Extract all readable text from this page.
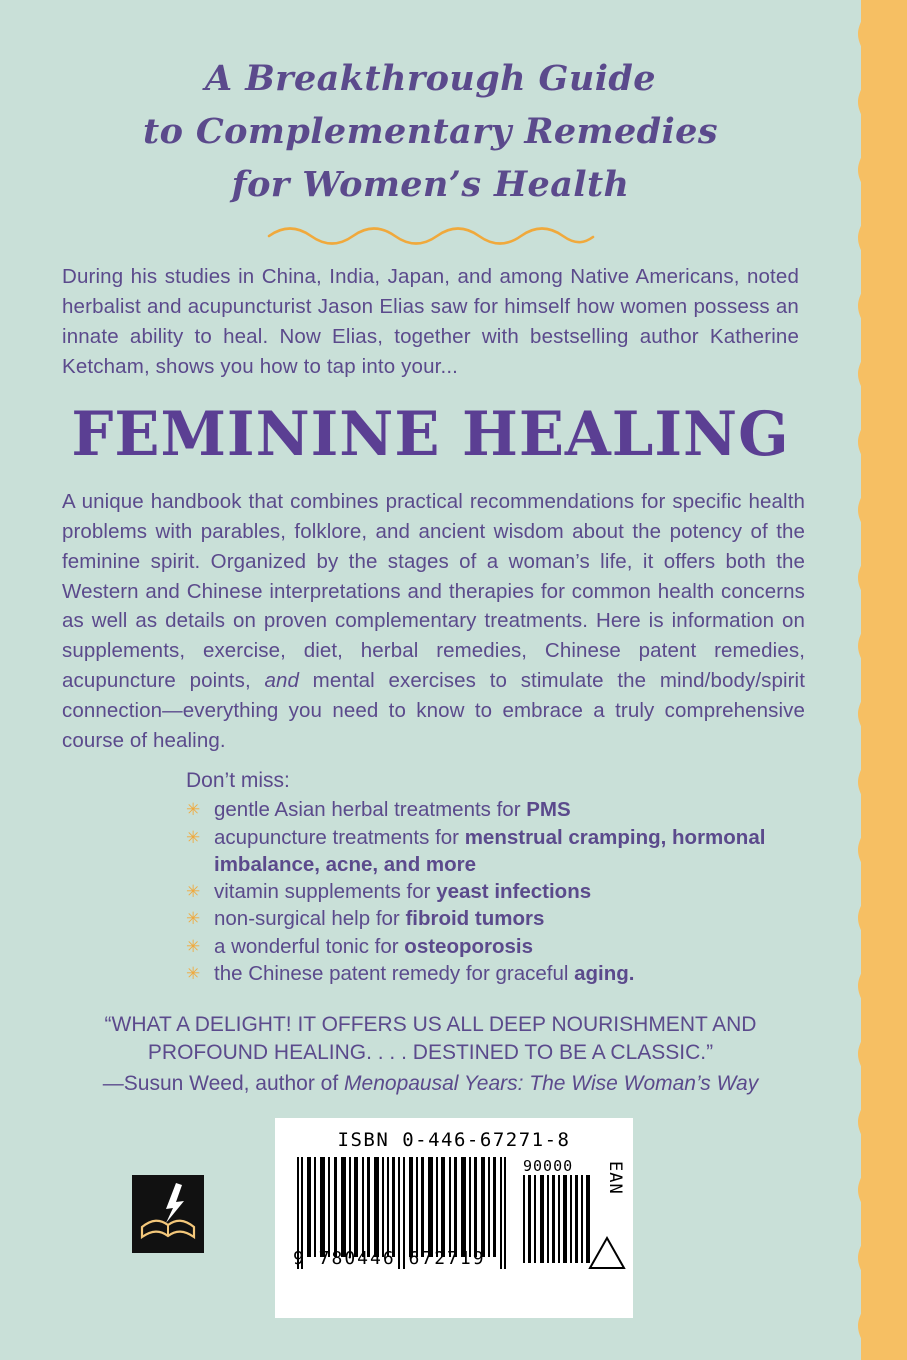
A Breakthrough Guide
to Complementary Remedies
for Women’s Health

During his studies in China, India, Japan, and among Native Americans, noted herbalist and acupuncturist Jason Elias saw for himself how women possess an innate ability to heal. Now Elias, together with bestselling author Katherine Ketcham, shows you how to tap into your...

FEMININE HEALING

A unique handbook that combines practical recommendations for specific health problems with parables, folklore, and ancient wisdom about the potency of the feminine spirit. Organized by the stages of a woman’s life, it offers both the Western and Chinese interpretations and therapies for common health concerns as well as details on proven complementary treatments. Here is information on supplements, exercise, diet, herbal remedies, Chinese patent remedies, acupuncture points, and mental exercises to stimulate the mind/body/spirit connection—everything you need to know to embrace a truly comprehensive course of healing.

Don’t miss:
✳ gentle Asian herbal treatments for PMS
✳ acupuncture treatments for menstrual cramping, hormonal imbalance, acne, and more
✳ vitamin supplements for yeast infections
✳ non-surgical help for fibroid tumors
✳ a wonderful tonic for osteoporosis
✳ the Chinese patent remedy for graceful aging.
“WHAT A DELIGHT! IT OFFERS US ALL DEEP NOURISHMENT AND
PROFOUND HEALING. . . . DESTINED TO BE A CLASSIC.”
—Susun Weed, author of Menopausal Years: The Wise Woman’s Way
ISBN 0-446-67271-8
90000 EAN
9 780446 672719
